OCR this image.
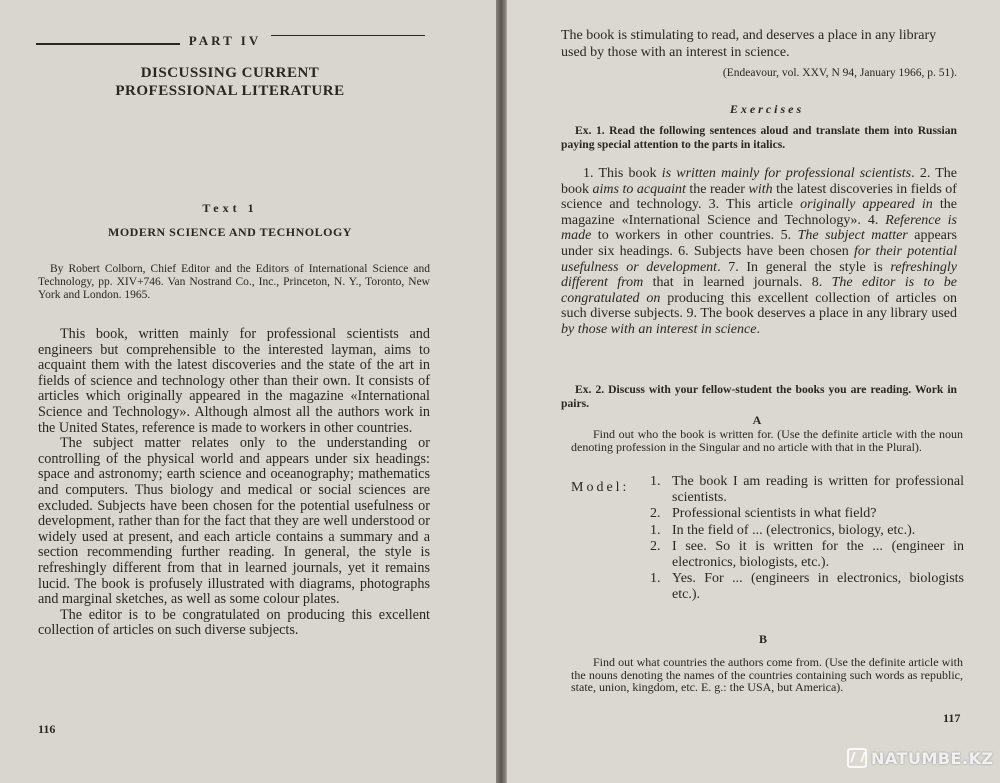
PART IV
DISCUSSING CURRENT
PROFESSIONAL LITERATURE
Text 1
MODERN SCIENCE AND TECHNOLOGY
By Robert Colborn, Chief Editor and the Editors of International Science and Technology, pp. XIV+746. Van Nostrand Co., Inc., Princeton, N. Y., Toronto, New York and London. 1965.

This book, written mainly for professional scientists and engineers but comprehensible to the interested layman, aims to acquaint them with the latest discoveries and the state of the art in fields of science and technology other than their own. It consists of articles which originally appeared in the magazine «International Science and Technology». Although almost all the authors work in the United States, reference is made to workers in other countries.

The subject matter relates only to the understanding or controlling of the physical world and appears under six headings: space and astronomy; earth science and oceanography; mathematics and computers. Thus biology and medical or social sciences are excluded. Subjects have been chosen for the potential usefulness or development, rather than for the fact that they are well understood or widely used at present, and each article contains a summary and a section recommending further reading. In general, the style is refreshingly different from that in learned journals, yet it remains lucid. The book is profusely illustrated with diagrams, photographs and marginal sketches, as well as some colour plates.

The editor is to be congratulated on producing this excellent collection of articles on such diverse subjects.

116
The book is stimulating to read, and deserves a place in any library used by those with an interest in science.
(Endeavour, vol. XXV, N 94, January 1966, p. 51).
Exercises
Ex. 1. Read the following sentences aloud and translate them into Russian paying special attention to the parts in italics.
1. This book is written mainly for professional scientists. 2. The book aims to acquaint the reader with the latest discoveries in fields of science and technology. 3. This article originally appeared in the magazine «International Science and Technology». 4. Reference is made to workers in other countries. 5. The subject matter appears under six headings. 6. Subjects have been chosen for their potential usefulness or development. 7. In general the style is refreshingly different from that in learned journals. 8. The editor is to be congratulated on producing this excellent collection of articles on such diverse subjects. 9. The book deserves a place in any library used by those with an interest in science.
Ex. 2. Discuss with your fellow-student the books you are reading. Work in pairs.
A
Find out who the book is written for. (Use the definite article with the noun denoting profession in the Singular and no article with that in the Plural).
Model:	1. The book I am reading is written for professional scientists.
2. Professional scientists in what field?
1. In the field of ... (electronics, biology, etc.).
2. I see. So it is written for the ... (engineer in electronics, biologists, etc.).
1. Yes. For ... (engineers in electronics, biologists etc.).
B
Find out what countries the authors come from. (Use the definite article with the nouns denoting the names of the countries containing such words as republic, state, union, kingdom, etc. E. g.: the USA, but America).
117
NATUMBE.KZ
